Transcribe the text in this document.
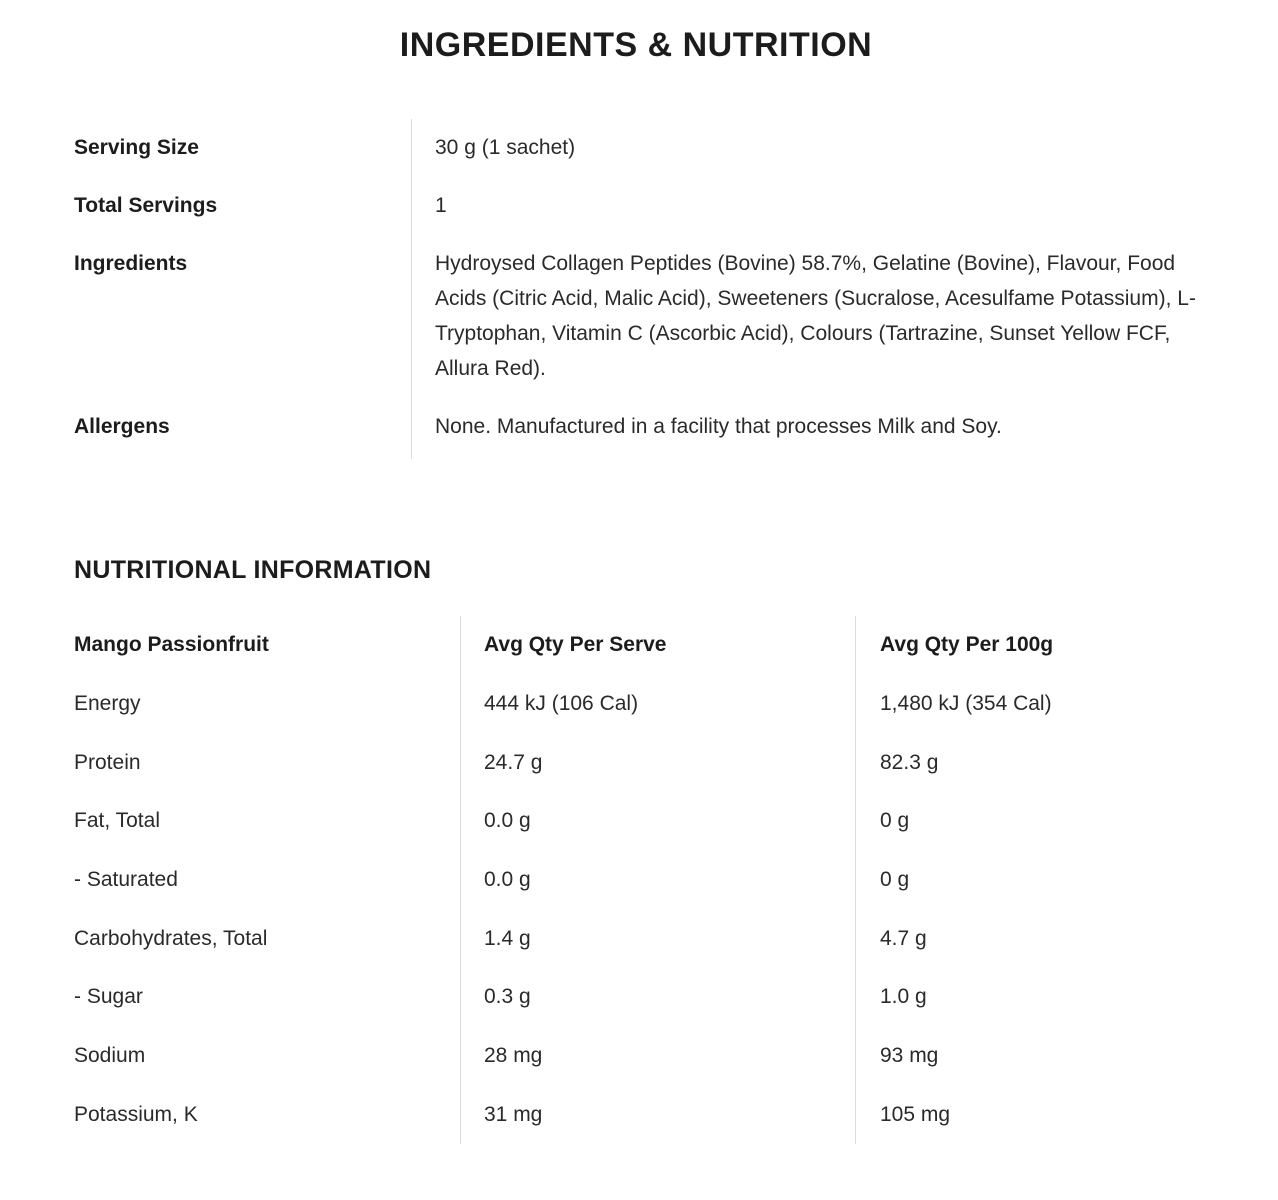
INGREDIENTS & NUTRITION
Serving Size	30 g (1 sachet)
Total Servings	1
Ingredients	Hydroysed Collagen Peptides (Bovine) 58.7%, Gelatine (Bovine), Flavour, Food Acids (Citric Acid, Malic Acid), Sweeteners (Sucralose, Acesulfame Potassium), L-Tryptophan, Vitamin C (Ascorbic Acid), Colours (Tartrazine, Sunset Yellow FCF, Allura Red).
Allergens	None. Manufactured in a facility that processes Milk and Soy.
NUTRITIONAL INFORMATION
Mango Passionfruit	Avg Qty Per Serve	Avg Qty Per 100g
Energy	444 kJ (106 Cal)	1,480 kJ (354 Cal)
Protein	24.7 g	82.3 g
Fat, Total	0.0 g	0 g
- Saturated	0.0 g	0 g
Carbohydrates, Total	1.4 g	4.7 g
- Sugar	0.3 g	1.0 g
Sodium	28 mg	93 mg
Potassium, K	31 mg	105 mg
